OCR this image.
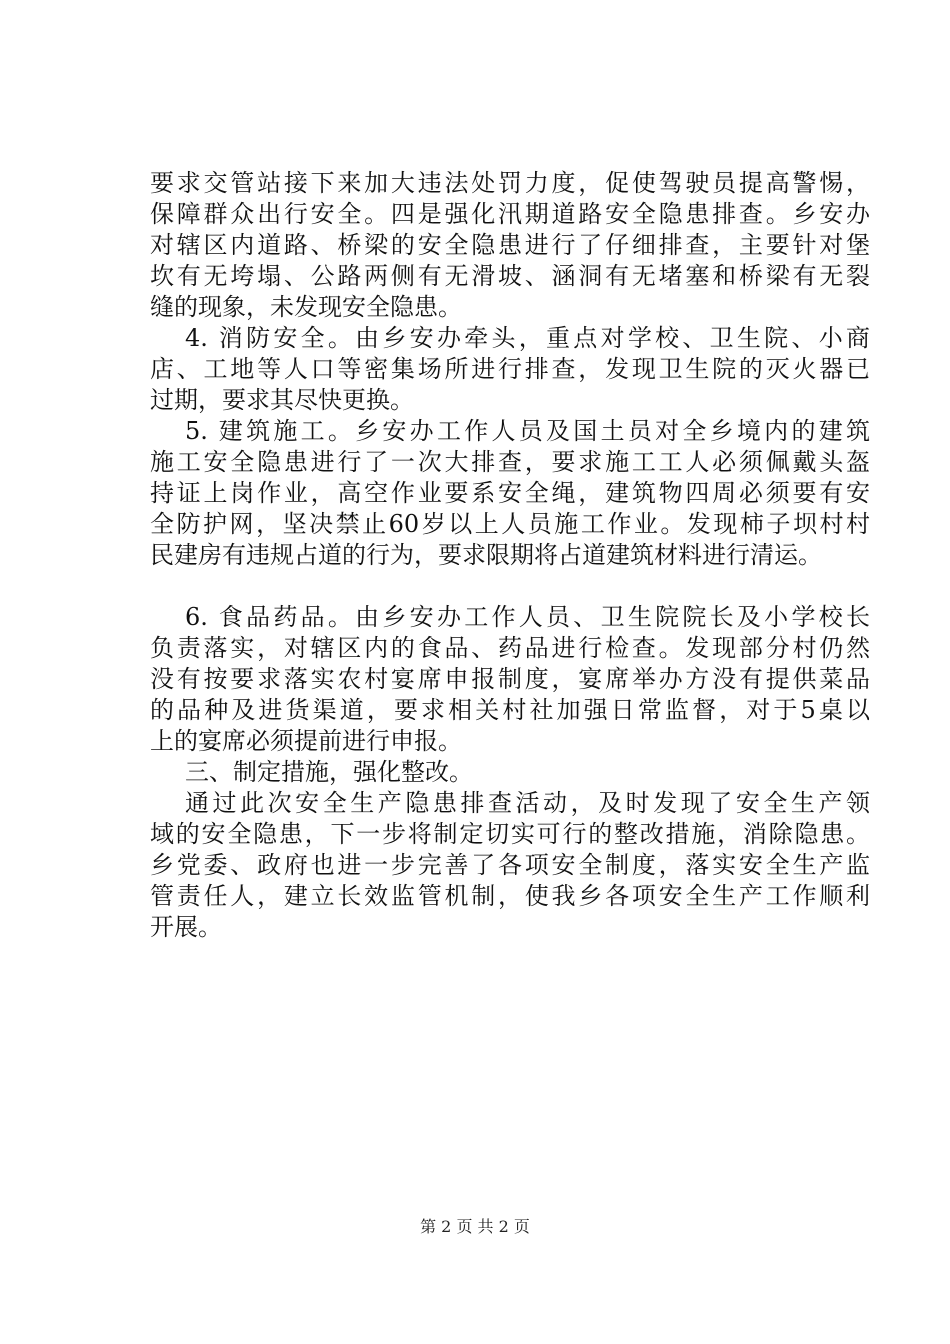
要求交管站接下来加大违法处罚力度，促使驾驶员提高警惕，
保障群众出行安全。四是强化汛期道路安全隐患排查。乡安办
对辖区内道路、桥梁的安全隐患进行了仔细排查，主要针对堡
坎有无垮塌、公路两侧有无滑坡、涵洞有无堵塞和桥梁有无裂
缝的现象，未发现安全隐患。
4. 消防安全。由乡安办牵头，重点对学校、卫生院、小商
店、工地等人口等密集场所进行排查，发现卫生院的灭火器已
过期，要求其尽快更换。
5. 建筑施工。乡安办工作人员及国土员对全乡境内的建筑
施工安全隐患进行了一次大排查，要求施工工人必须佩戴头盔
持证上岗作业，高空作业要系安全绳，建筑物四周必须要有安
全防护网，坚决禁止60岁以上人员施工作业。发现柿子坝村村
民建房有违规占道的行为，要求限期将占道建筑材料进行清运。
6. 食品药品。由乡安办工作人员、卫生院院长及小学校长
负责落实，对辖区内的食品、药品进行检查。发现部分村仍然
没有按要求落实农村宴席申报制度，宴席举办方没有提供菜品
的品种及进货渠道，要求相关村社加强日常监督，对于5桌以
上的宴席必须提前进行申报。
三、制定措施，强化整改。
通过此次安全生产隐患排查活动，及时发现了安全生产领
域的安全隐患，下一步将制定切实可行的整改措施，消除隐患。
乡党委、政府也进一步完善了各项安全制度，落实安全生产监
管责任人，建立长效监管机制，使我乡各项安全生产工作顺利
开展。
第 2 页 共 2 页
